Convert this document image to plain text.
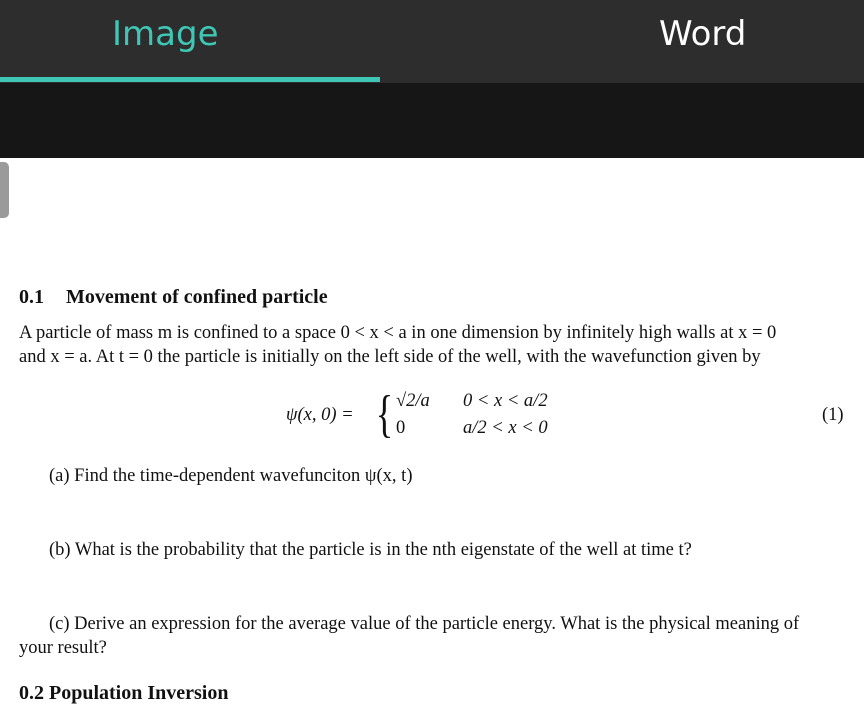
Image	Word
0.1 Movement of confined particle
A particle of mass m is confined to a space 0 < x < a in one dimension by infinitely high walls at x = 0
and x = a. At t = 0 the particle is initially on the left side of the well, with the wavefunction given by
ψ(x, 0) = { √2/a 0 < x < a/2
0	a/2 < x < 0
(1)
(a) Find the time-dependent wavefunciton ψ(x, t)
(b) What is the probability that the particle is in the nth eigenstate of the well at time t?
(c) Derive an expression for the average value of the particle energy. What is the physical meaning of
your result?
0.2 Population Inversion
